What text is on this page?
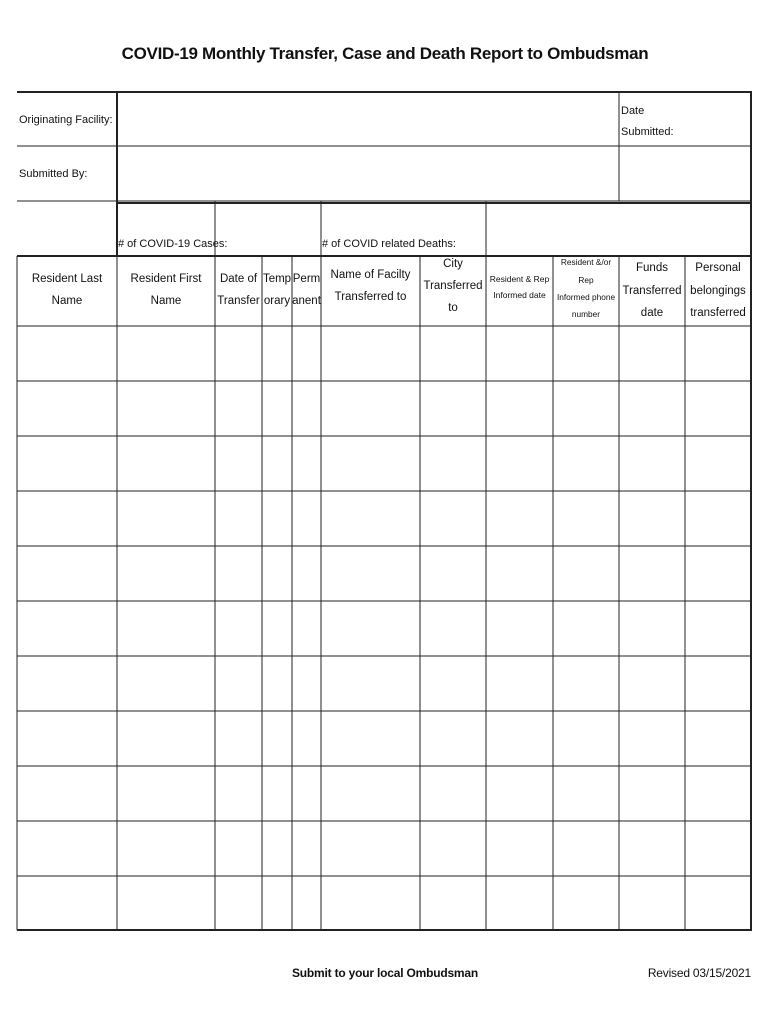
COVID-19 Monthly Transfer, Case and Death Report to Ombudsman
Originating Facility:
Date
Submitted:
Submitted By:
# of COVID-19 Cases:	# of COVID related Deaths:
Resident Last Name
Resident First Name
Date of
Transfer
Temp
orary
Perm
anent
Name of Facilty
Transferred to
City
Transferred to
Resident & Rep
Informed date
Resident &/or Rep
Informed phone
number
Funds
Transferred
date
Personal
belongings
transferred
Submit to your local Ombudsman	Revised 03/15/2021
